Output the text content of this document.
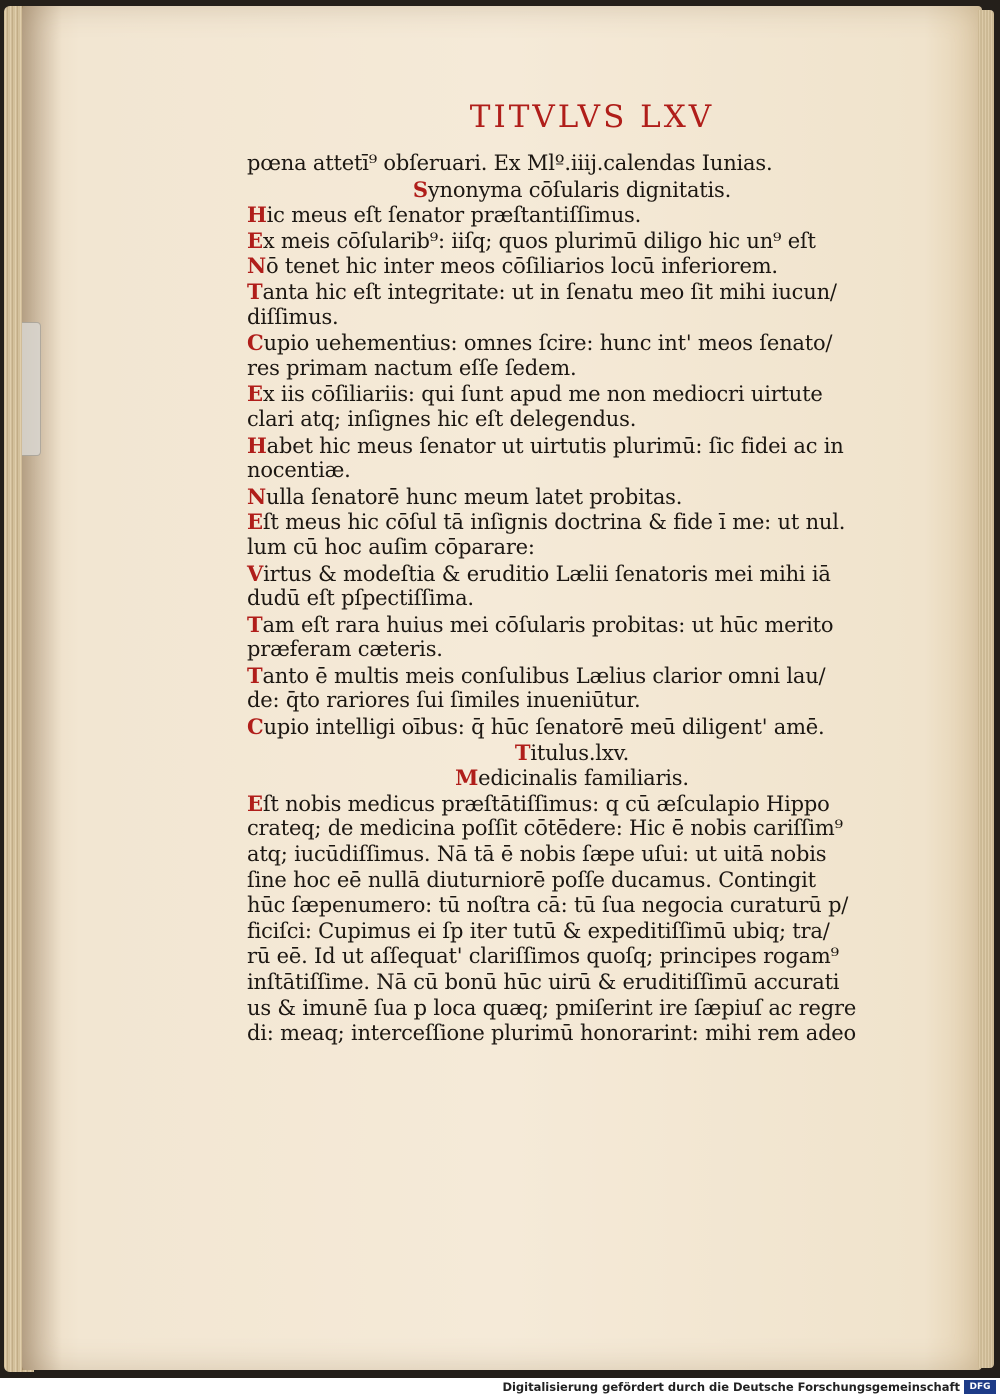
TITVLVS LXV
pœna attetī⁹ obſeruari. Ex Mlº.iiij.calendas Iunias.
Synonyma cōſularis dignitatis.
Hic meus eſt ſenator præſtantiſſimus.
Ex meis cōſularib⁹: iiſq; quos plurimū diligo hic un⁹ eſt
Nō tenet hic inter meos cōſiliarios locū inferiorem.
Tanta hic eſt integritate: ut in ſenatu meo ſit mihi iucun/
diſſimus.
Cupio uehementius: omnes ſcire: hunc int' meos ſenato/
res primam nactum eſſe ſedem.
Ex iis cōſiliariis: qui ſunt apud me non mediocri uirtute
clari atq; inſignes hic eſt delegendus.
Habet hic meus ſenator ut uirtutis plurimū: ſic fidei ac in
nocentiæ.
Nulla ſenatorē hunc meum latet probitas.
Eſt meus hic cōſul tā inſignis doctrina & fide ī me: ut nul.
lum cū hoc auſim cōparare:
Virtus & modeſtia & eruditio Lælii ſenatoris mei mihi iā
dudū eſt pſpectiſſima.
Tam eſt rara huius mei cōſularis probitas: ut hūc merito
præferam cæteris.
Tanto ē multis meis conſulibus Lælius clarior omni lau/
de: q̄to rariores ſui ſimiles inueniūtur.
Cupio intelligi oībus: q̄ hūc ſenatorē meū diligent' amē.
Titulus.lxv.
Medicinalis familiaris.
Eſt nobis medicus præſtātiſſimus: q cū æſculapio Hippo
crateq; de medicina poſſit cōtēdere: Hic ē nobis cariſſim⁹
atq; iucūdiſſimus. Nā tā ē nobis ſæpe uſui: ut uitā nobis
ſine hoc eē nullā diuturniorē poſſe ducamus. Contingit
hūc ſæpenumero: tū noſtra cā: tū ſua negocia curaturū p/
ficiſci: Cupimus ei ſp iter tutū & expeditiſſimū ubiq; tra/
rū eē. Id ut aſſequat' clariſſimos quoſq; principes rogam⁹
inſtātiſſime. Nā cū bonū hūc uirū & eruditiſſimū accurati
us & imunē ſua p loca quæq; pmiſerint ire ſæpiuſ ac regre
di: meaq; interceſſione plurimū honorarint: mihi rem adeo
Digitalisierung gefördert durch die Deutsche Forschungsgemeinschaft	DFG
